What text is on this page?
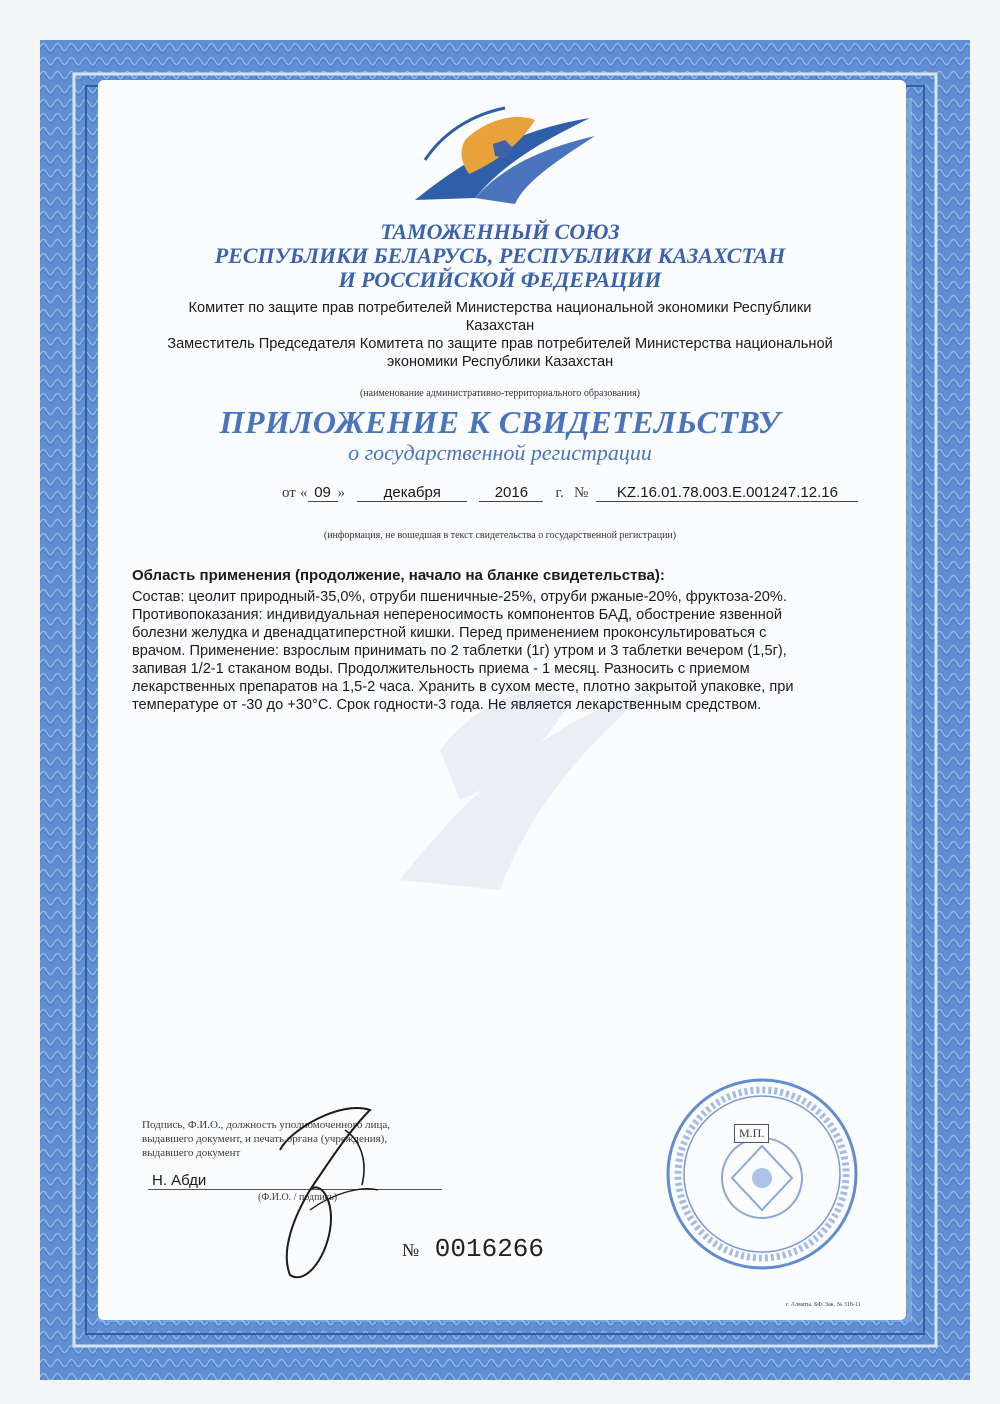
ТАМОЖЕННЫЙ СОЮЗ
РЕСПУБЛИКИ БЕЛАРУСЬ, РЕСПУБЛИКИ КАЗАХСТАН
И РОССИЙСКОЙ ФЕДЕРАЦИИ
Комитет по защите прав потребителей Министерства национальной экономики Республики
Казахстан
Заместитель Председателя Комитета по защите прав потребителей Министерства национальной
экономики Республики Казахстан
(наименование административно-территориального образования)
ПРИЛОЖЕНИЕ К СВИДЕТЕЛЬСТВУ
о государственной регистрации
от « 09 »	декабря	2016 г. № KZ.16.01.78.003.E.001247.12.16
(информация, не вошедшая в текст свидетельства о государственной регистрации)
Область применения (продолжение, начало на бланке свидетельства):
Состав: цеолит природный-35,0%, отруби пшеничные-25%, отруби ржаные-20%, фруктоза-20%.
Противопоказания: индивидуальная непереносимость компонентов БАД, обострение язвенной
болезни желудка и двенадцатиперстной кишки. Перед применением проконсультироваться с
врачом. Применение: взрослым принимать по 2 таблетки (1г) утром и 3 таблетки вечером (1,5г),
запивая 1/2-1 стаканом воды. Продолжительность приема - 1 месяц. Разносить с приемом
лекарственных препаратов на 1,5-2 часа. Хранить в сухом месте, плотно закрытой упаковке, при
температуре от -30 до +30°С. Срок годности-3 года. Не является лекарственным средством.
Подпись, Ф.И.О., должность уполномоченного лица,
выдавшего документ, и печать органа (учреждения),
выдавшего документ
Н. Абди
(Ф.И.О. / подпись)
М.П.
№ 0016266
г. Алматы. БФ. Зак. № 318-11
